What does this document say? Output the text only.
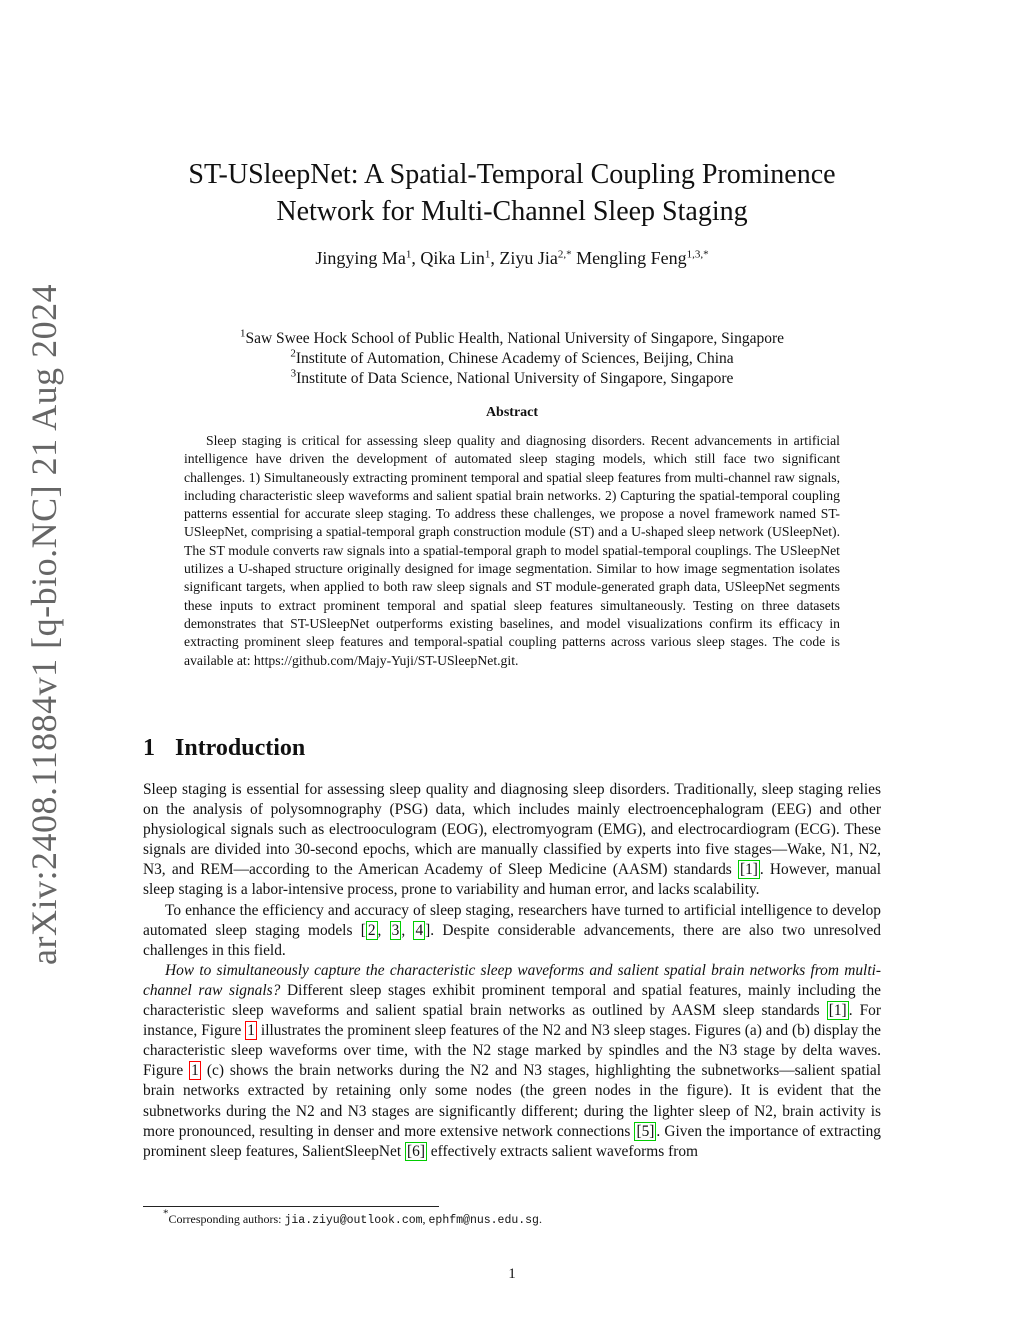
arXiv:2408.11884v1 [q-bio.NC] 21 Aug 2024
ST-USleepNet: A Spatial-Temporal Coupling Prominence
Network for Multi-Channel Sleep Staging
Jingying Ma$^1$, Qika Lin$^1$, Ziyu Jia$^{2,*}$ Mengling Feng$^{1,3,*}$
$^1$Saw Swee Hock School of Public Health, National University of Singapore, Singapore
$^2$Institute of Automation, Chinese Academy of Sciences, Beijing, China
$^3$Institute of Data Science, National University of Singapore, Singapore
Abstract
Sleep staging is critical for assessing sleep quality and diagnosing disorders. Recent advancements in artificial intelligence have driven the development of automated sleep staging models, which still face two significant challenges. 1) Simultaneously extracting prominent temporal and spatial sleep features from multi-channel raw signals, including characteristic sleep waveforms and salient spatial brain networks. 2) Capturing the spatial-temporal coupling patterns essential for accurate sleep staging. To address these challenges, we propose a novel framework named ST-USleepNet, comprising a spatial-temporal graph construction module (ST) and a U-shaped sleep network (USleepNet). The ST module converts raw signals into a spatial-temporal graph to model spatial-temporal couplings. The USleepNet utilizes a U-shaped structure originally designed for image segmentation. Similar to how image segmentation isolates significant targets, when applied to both raw sleep signals and ST module-generated graph data, USleepNet segments these inputs to extract prominent temporal and spatial sleep features simultaneously. Testing on three datasets demonstrates that ST-USleepNet outperforms existing baselines, and model visualizations confirm its efficacy in extracting prominent sleep features and temporal-spatial coupling patterns across various sleep stages. The code is available at: https://github.com/Majy-Yuji/ST-USleepNet.git.
1 Introduction

Sleep staging is essential for assessing sleep quality and diagnosing sleep disorders. Traditionally, sleep staging relies on the analysis of polysomnography (PSG) data, which includes mainly electroencephalogram (EEG) and other physiological signals such as electrooculogram (EOG), electromyogram (EMG), and electrocardiogram (ECG). These signals are divided into 30-second epochs, which are manually classified by experts into five stages—Wake, N1, N2, N3, and REM—according to the American Academy of Sleep Medicine (AASM) standards [1] . However, manual sleep staging is a labor-intensive process, prone to variability and human error, and lacks scalability.

To enhance the efficiency and accuracy of sleep staging, researchers have turned to artificial intelligence to develop automated sleep staging models [ 2 , 3 , 4 ]. Despite considerable advancements, there are also two unresolved challenges in this field.

How to simultaneously capture the characteristic sleep waveforms and salient spatial brain networks from multi-channel raw signals? Different sleep stages exhibit prominent temporal and spatial features, mainly including the characteristic sleep waveforms and salient spatial brain networks as outlined by AASM sleep standards [1] . For instance, Figure 1 illustrates the prominent sleep features of the N2 and N3 sleep stages. Figures (a) and (b) display the characteristic sleep waveforms over time, with the N2 stage marked by spindles and the N3 stage by delta waves. Figure 1 (c) shows the brain networks during the N2 and N3 stages, highlighting the subnetworks—salient spatial brain networks extracted by retaining only some nodes (the green nodes in the figure). It is evident that the subnetworks during the N2 and N3 stages are significantly different; during the lighter sleep of N2, brain activity is more pronounced, resulting in denser and more extensive network connections [5] . Given the importance of extracting prominent sleep features, SalientSleepNet [6] effectively extracts salient waveforms from

*Corresponding authors: jia.ziyu@outlook.com, ephfm@nus.edu.sg.
1
